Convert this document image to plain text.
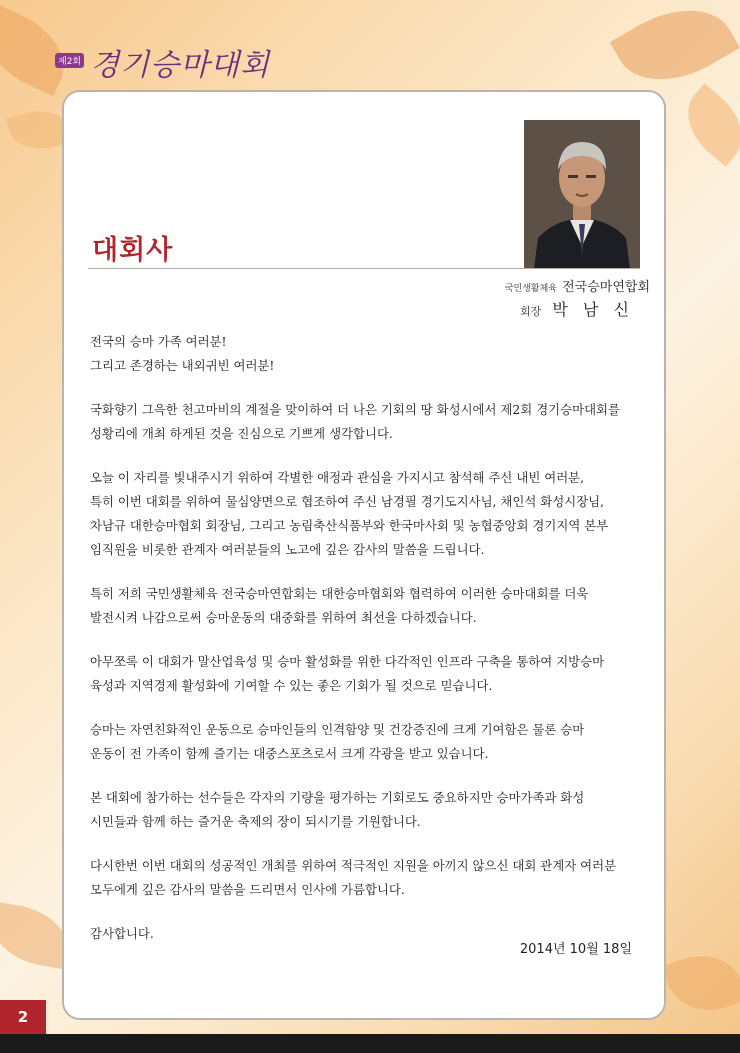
제2회 경기승마대회
대회사
국민생활체육 전국승마연합회
회장 박 남 신

전국의 승마 가족 여러분!
그리고 존경하는 내외귀빈 여러분!

국화향기 그윽한 천고마비의 계절을 맞이하여 더 나은 기회의 땅 화성시에서 제2회 경기승마대회를
성황리에 개최 하게된 것을 진심으로 기쁘게 생각합니다.

오늘 이 자리를 빛내주시기 위하여 각별한 애정과 관심을 가지시고 참석해 주신 내빈 여러분,
특히 이번 대회를 위하여 물심양면으로 협조하여 주신 남경필 경기도지사님, 채인석 화성시장님,
차남규 대한승마협회 회장님, 그리고 농림축산식품부와 한국마사회 및 농협중앙회 경기지역 본부
임직원을 비롯한 관계자 여러분들의 노고에 깊은 감사의 말씀을 드립니다.

특히 저희 국민생활체육 전국승마연합회는 대한승마협회와 협력하여 이러한 승마대회를 더욱
발전시켜 나감으로써 승마운동의 대중화를 위하여 최선을 다하겠습니다.

아무쪼록 이 대회가 말산업육성 및 승마 활성화를 위한 다각적인 인프라 구축을 통하여 지방승마
육성과 지역경제 활성화에 기여할 수 있는 좋은 기회가 될 것으로 믿습니다.

승마는 자연친화적인 운동으로 승마인들의 인격함양 및 건강증진에 크게 기여함은 물론 승마
운동이 전 가족이 함께 즐기는 대중스포츠로서 크게 각광을 받고 있습니다.

본 대회에 참가하는 선수들은 각자의 기량을 평가하는 기회로도 중요하지만 승마가족과 화성
시민들과 함께 하는 즐거운 축제의 장이 되시기를 기원합니다.

다시한번 이번 대회의 성공적인 개최를 위하여 적극적인 지원을 아끼지 않으신 대회 관계자 여러분
모두에게 깊은 감사의 말씀을 드리면서 인사에 가름합니다.

감사합니다.

2014년 10월 18일
2
